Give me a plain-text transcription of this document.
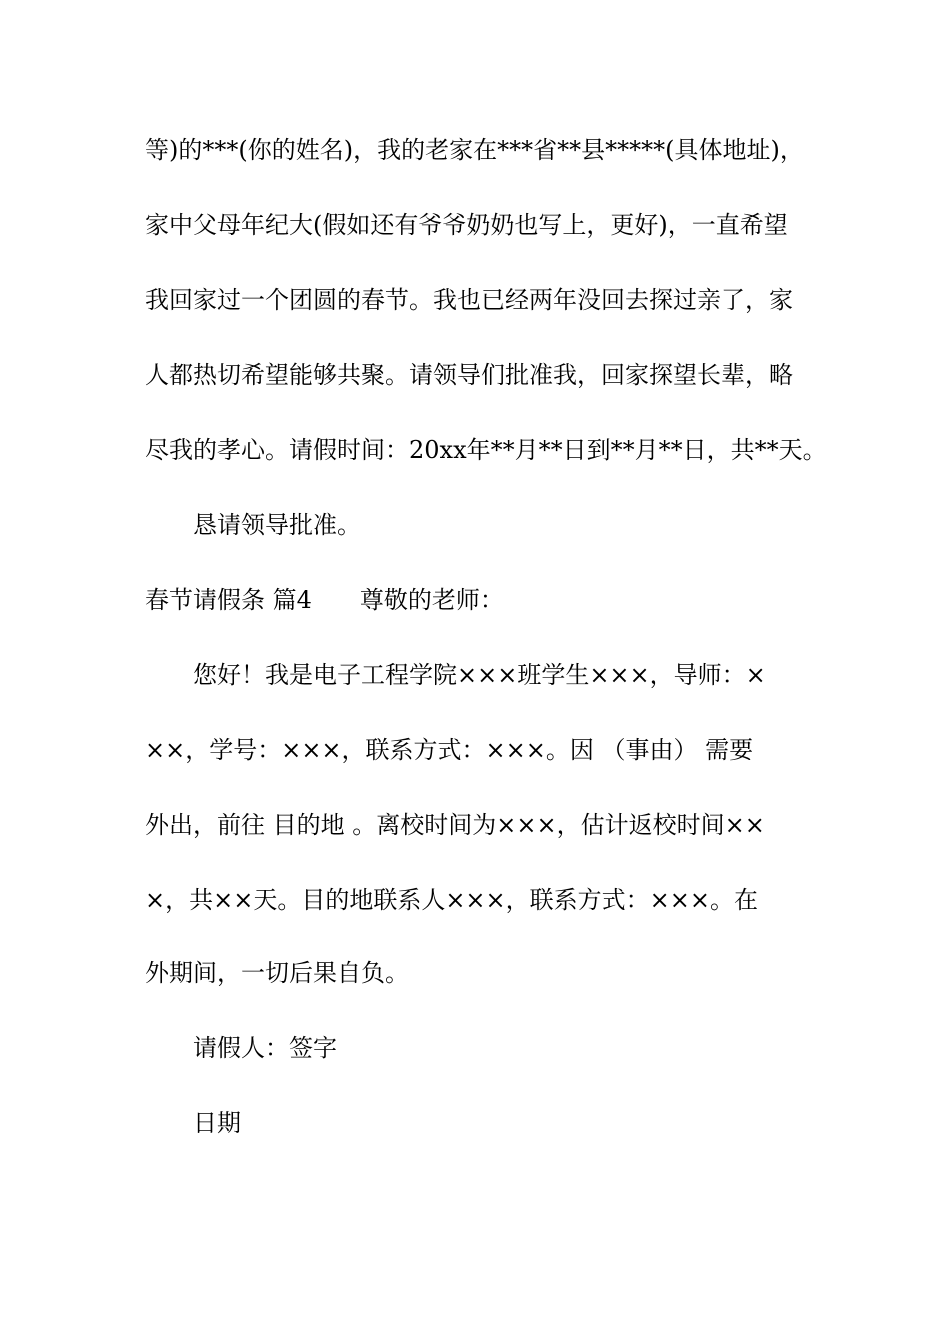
等)的***(你的姓名)，我的老家在***省**县*****(具体地址)，
家中父母年纪大(假如还有爷爷奶奶也写上，更好)，一直希望
我回家过一个团圆的春节。我也已经两年没回去探过亲了，家
人都热切希望能够共聚。请领导们批准我，回家探望长辈，略
尽我的孝心。请假时间：20xx年**月**日到**月**日，共**天。
恳请领导批准。
春节请假条 篇4 尊敬的老师：
您好！我是电子工程学院×××班学生×××，导师：×
××，学号：×××，联系方式：×××。因 （事由） 需要
外出，前往 目的地 。离校时间为×××，估计返校时间××
×，共××天。目的地联系人×××，联系方式：×××。在
外期间，一切后果自负。
请假人：签字
日期
